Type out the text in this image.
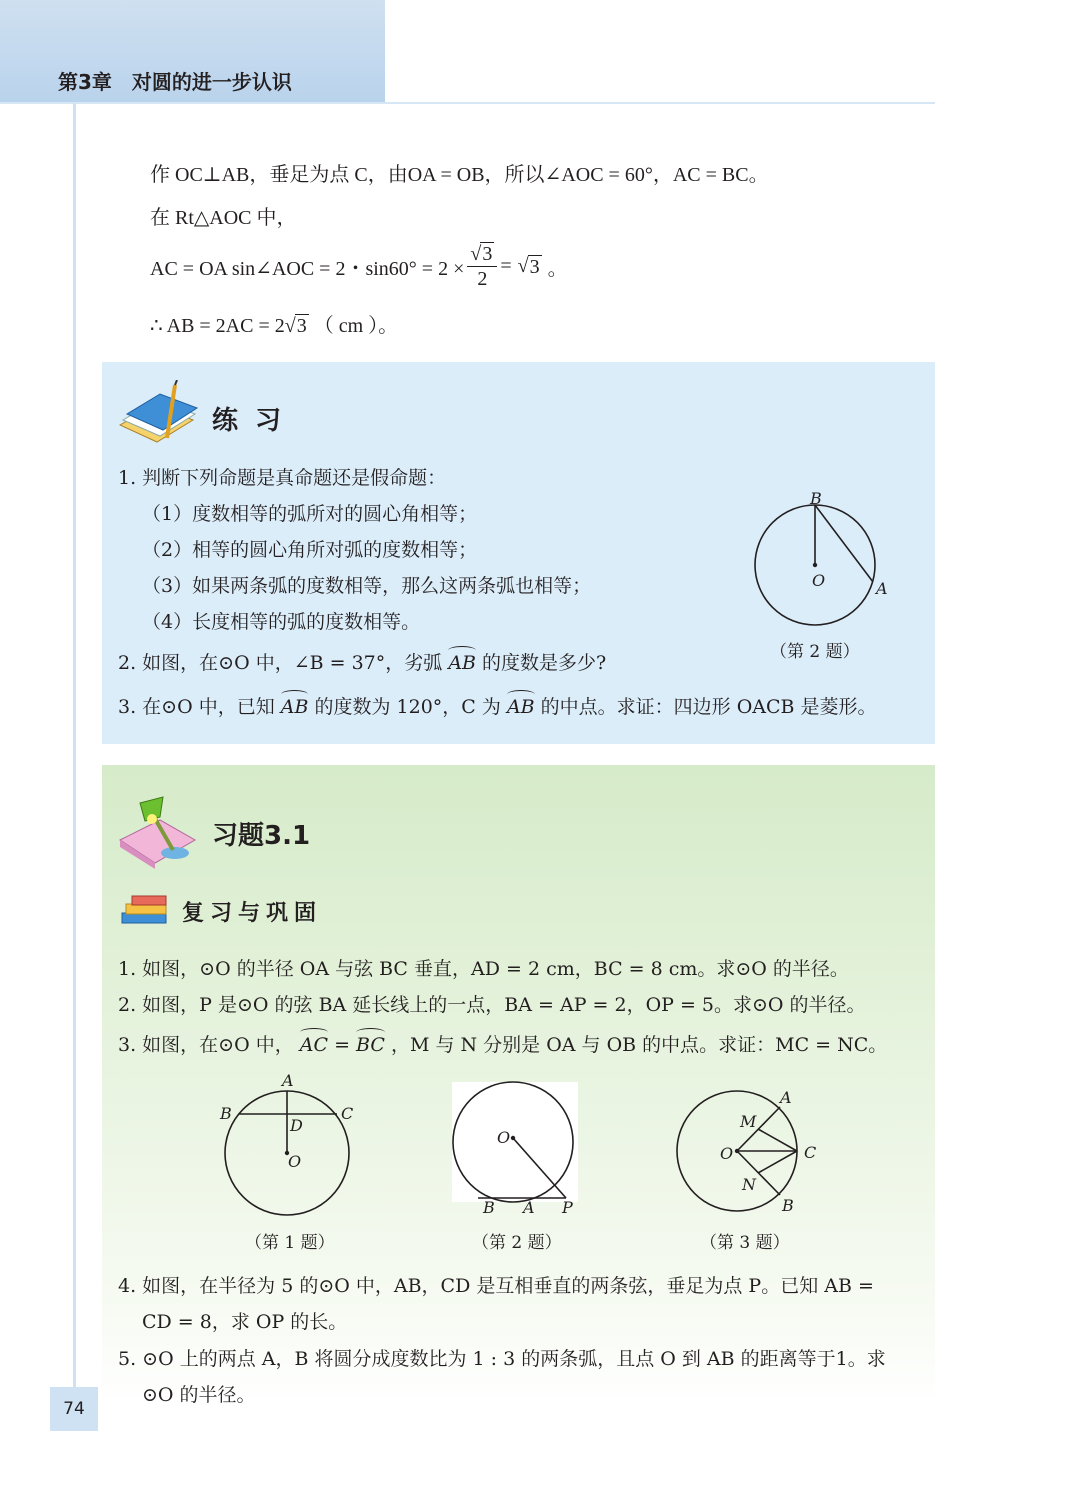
第3章　对圆的进一步认识
作 OC⊥AB，垂足为点 C，由OA = OB，所以∠AOC = 60°，AC = BC。
在 Rt△AOC 中，
AC = OA sin∠AOC = 2・$\sin 60^\circ = 2 \times \frac{√3}{2}$ = √ 3 。
∴ AB = 2AC = 2√3 （ cm ）。
练 习
1. 判断下列命题是真命题还是假命题：
（1）度数相等的弧所对的圆心角相等；
（2）相等的圆心角所对弧的度数相等；
（3）如果两条弧的度数相等，那么这两条弧也相等；
（4）长度相等的弧的度数相等。
2. 如图，在⊙O 中，∠B = 37°，劣弧 AB 的度数是多少?
3. 在⊙O 中，已知 AB 的度数为 120°，C 为 AB 的中点。求证：四边形 OACB 是菱形。
B
O	A
（第 2 题）
习题3.1
复习与巩固
1. 如图，⊙O 的半径 OA 与弦 BC 垂直，AD = 2 cm，BC = 8 cm。求⊙O 的半径。
2. 如图，P 是⊙O 的弦 BA 延长线上的一点，BA = AP = 2，OP = 5。求⊙O 的半径。
3. 如图，在⊙O 中， AC = BC ，M 与 N 分别是 OA 与 OB 的中点。求证：MC = NC。
A
B	C
D
O
（第 1 题）
O
B A P
（第 2 题）
A
M
O	C
N
B
（第 3 题）
4. 如图，在半径为 5 的⊙O 中，AB，CD 是互相垂直的两条弦，垂足为点 P。已知 AB =
CD = 8，求 OP 的长。
5. ⊙O 上的两点 A，B 将圆分成度数比为 1 : 3 的两条弧，且点 O 到 AB 的距离等于1。求
⊙O 的半径。
74
